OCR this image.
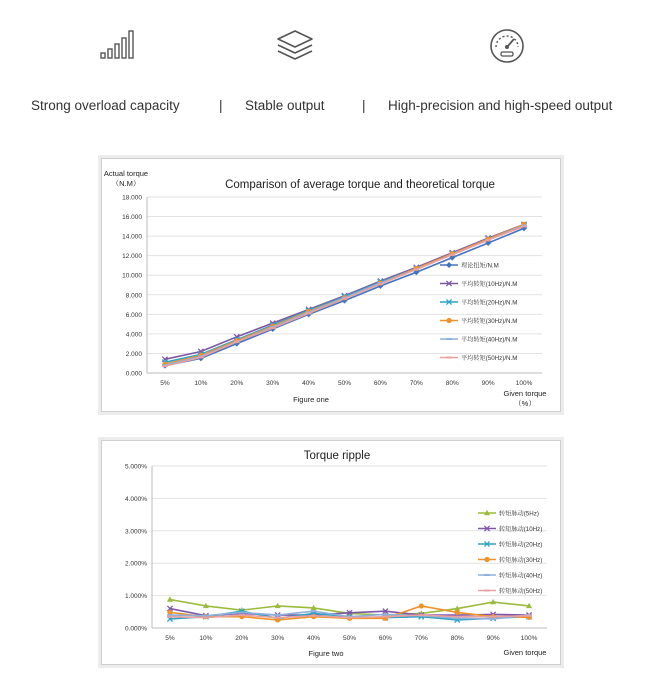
Strong overload capacity	| Stable output	| High-precision and high-speed output
Comparison of average torque and theoretical torque
0.000
2.000
4.000
6.000
8.000
10.000
12.000
14.000
16.000
18.000
5%	10%	20%	30%	40%	50%	60%	70%	80%	90%	100%
Actual torque
（N.M）
Given torque
（%）
Figure one
理论扭矩/N.M
平均转矩(10Hz)/N.M
平均转矩(20Hz)/N.M
平均转矩(30Hz)/N.M
平均转矩(40Hz)/N.M
平均转矩(50Hz)/N.M
Torque ripple
0.000%
1.000%
2.000%
3.000%
4.000%
5.000%
5%	10%	20%	30%	40%	50%	60%	70%	80%	90%	100%
Given torque
Figure two
转矩脉动(5Hz)
转矩脉动(10Hz)
转矩脉动(20Hz)
转矩脉动(30Hz)
转矩脉动(40Hz)
转矩脉动(50Hz)
